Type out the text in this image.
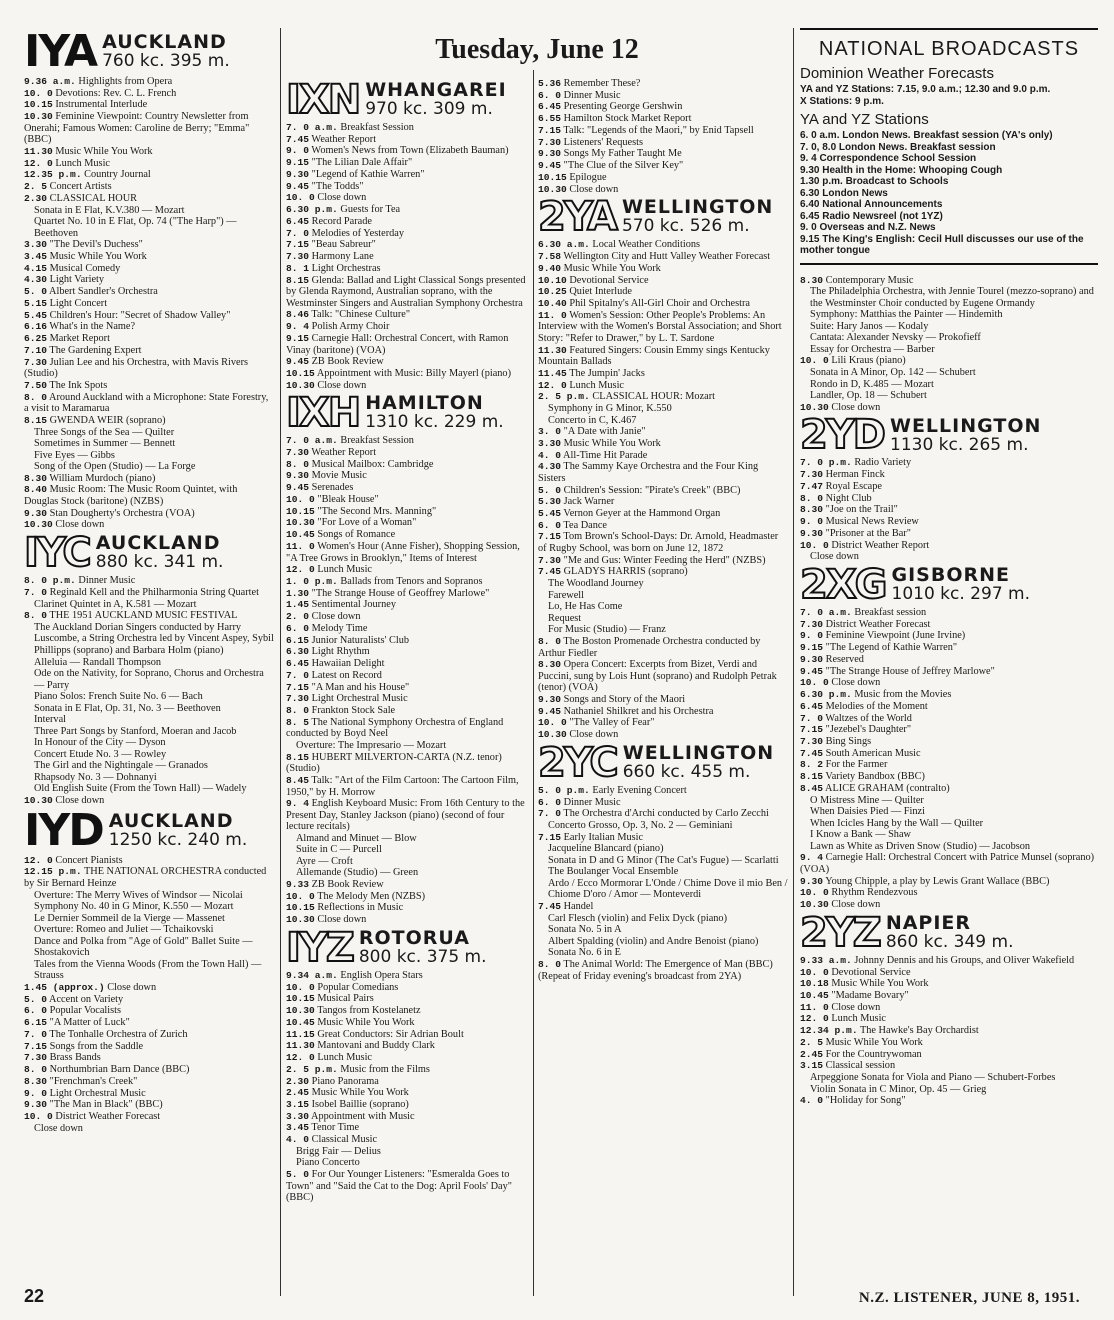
Tuesday, June 12
IYA AUCKLAND
760 kc. 395 m.
9.36 a.m. Highlights from Opera
10. 0 Devotions: Rev. C. L. French
10.15 Instrumental Interlude
10.30 Feminine Viewpoint: Country Newsletter from Onerahi; Famous Women: Caroline de Berry; "Emma" (BBC)
11.30 Music While You Work
12. 0 Lunch Music
12.35 p.m. Country Journal
2. 5 Concert Artists
2.30 CLASSICAL HOUR
Sonata in E Flat, K.V.380 — Mozart
Quartet No. 10 in E Flat, Op. 74 ("The Harp") — Beethoven
3.30 "The Devil's Duchess"
3.45 Music While You Work
4.15 Musical Comedy
4.30 Light Variety
5. 0 Albert Sandler's Orchestra
5.15 Light Concert
5.45 Children's Hour: "Secret of Shadow Valley"
6.16 What's in the Name?
6.25 Market Report
7.10 The Gardening Expert
7.30 Julian Lee and his Orchestra, with Mavis Rivers (Studio)
7.50 The Ink Spots
8. 0 Around Auckland with a Microphone: State Forestry, a visit to Maramarua
8.15 GWENDA WEIR (soprano)
Three Songs of the Sea — Quilter
Sometimes in Summer — Bennett
Five Eyes — Gibbs
Song of the Open (Studio) — La Forge
8.30 William Murdoch (piano)
8.40 Music Room: The Music Room Quintet, with Douglas Stock (baritone) (NZBS)
9.30 Stan Dougherty's Orchestra (VOA)
10.30 Close down
IYC AUCKLAND
880 kc. 341 m.
8. 0 p.m. Dinner Music
7. 0 Reginald Kell and the Philharmonia String Quartet
Clarinet Quintet in A, K.581 — Mozart
8. 0 THE 1951 AUCKLAND MUSIC FESTIVAL
The Auckland Dorian Singers conducted by Harry Luscombe, a String Orchestra led by Vincent Aspey, Sybil Phillipps (soprano) and Barbara Holm (piano)
Alleluia — Randall Thompson
Ode on the Nativity, for Soprano, Chorus and Orchestra — Parry
Piano Solos: French Suite No. 6 — Bach
Sonata in E Flat, Op. 31, No. 3 — Beethoven
Interval
Three Part Songs by Stanford, Moeran and Jacob
In Honour of the City — Dyson
Concert Etude No. 3 — Rowley
The Girl and the Nightingale — Granados
Rhapsody No. 3 — Dohnanyi
Old English Suite (From the Town Hall) — Wadely
10.30 Close down
IYD AUCKLAND
1250 kc. 240 m.
12. 0 Concert Pianists
12.15 p.m. THE NATIONAL ORCHESTRA conducted by Sir Bernard Heinze
Overture: The Merry Wives of Windsor — Nicolai
Symphony No. 40 in G Minor, K.550 — Mozart
Le Dernier Sommeil de la Vierge — Massenet
Overture: Romeo and Juliet — Tchaikovski
Dance and Polka from "Age of Gold" Ballet Suite — Shostakovich
Tales from the Vienna Woods (From the Town Hall) — Strauss
1.45 (approx.) Close down
5. 0 Accent on Variety
6. 0 Popular Vocalists
6.15 "A Matter of Luck"
7. 0 The Tonhalle Orchestra of Zurich
7.15 Songs from the Saddle
7.30 Brass Bands
8. 0 Northumbrian Barn Dance (BBC)
8.30 "Frenchman's Creek"
9. 0 Light Orchestral Music
9.30 "The Man in Black" (BBC)
10. 0 District Weather Forecast
Close down
IXN WHANGAREI
970 kc. 309 m.
7. 0 a.m. Breakfast Session
7.45 Weather Report
9. 0 Women's News from Town (Elizabeth Bauman)
9.15 "The Lilian Dale Affair"
9.30 "Legend of Kathie Warren"
9.45 "The Todds"
10. 0 Close down
6.30 p.m. Guests for Tea
6.45 Record Parade
7. 0 Melodies of Yesterday
7.15 "Beau Sabreur"
7.30 Harmony Lane
8. 1 Light Orchestras
8.15 Glenda: Ballad and Light Classical Songs presented by Glenda Raymond, Australian soprano, with the Westminster Singers and Australian Symphony Orchestra
8.46 Talk: "Chinese Culture"
9. 4 Polish Army Choir
9.15 Carnegie Hall: Orchestral Concert, with Ramon Vinay (baritone) (VOA)
9.45 ZB Book Review
10.15 Appointment with Music: Billy Mayerl (piano)
10.30 Close down
IXH HAMILTON
1310 kc. 229 m.
7. 0 a.m. Breakfast Session
7.30 Weather Report
8. 0 Musical Mailbox: Cambridge
9.30 Movie Music
9.45 Serenades
10. 0 "Bleak House"
10.15 "The Second Mrs. Manning"
10.30 "For Love of a Woman"
10.45 Songs of Romance
11. 0 Women's Hour (Anne Fisher), Shopping Session, "A Tree Grows in Brooklyn," Items of Interest
12. 0 Lunch Music
1. 0 p.m. Ballads from Tenors and Sopranos
1.30 "The Strange House of Geoffrey Marlowe"
1.45 Sentimental Journey
2. 0 Close down
6. 0 Melody Time
6.15 Junior Naturalists' Club
6.30 Light Rhythm
6.45 Hawaiian Delight
7. 0 Latest on Record
7.15 "A Man and his House"
7.30 Light Orchestral Music
8. 0 Frankton Stock Sale
8. 5 The National Symphony Orchestra of England conducted by Boyd Neel
Overture: The Impresario — Mozart
8.15 HUBERT MILVERTON-CARTA (N.Z. tenor) (Studio)
8.45 Talk: "Art of the Film Cartoon: The Cartoon Film, 1950," by H. Morrow
9. 4 English Keyboard Music: From 16th Century to the Present Day, Stanley Jackson (piano) (second of four lecture recitals)
Almand and Minuet — Blow
Suite in C — Purcell
Ayre — Croft
Allemande (Studio) — Green
9.33 ZB Book Review
10. 0 The Melody Men (NZBS)
10.15 Reflections in Music
10.30 Close down
IYZ ROTORUA
800 kc. 375 m.
9.34 a.m. English Opera Stars
10. 0 Popular Comedians
10.15 Musical Pairs
10.30 Tangos from Kostelanetz
10.45 Music While You Work
11.15 Great Conductors: Sir Adrian Boult
11.30 Mantovani and Buddy Clark
12. 0 Lunch Music
2. 5 p.m. Music from the Films
2.30 Piano Panorama
2.45 Music While You Work
3.15 Isobel Baillie (soprano)
3.30 Appointment with Music
3.45 Tenor Time
4. 0 Classical Music
Brigg Fair — Delius
Piano Concerto
5. 0 For Our Younger Listeners: "Esmeralda Goes to Town" and "Said the Cat to the Dog: April Fools' Day" (BBC)
5.36 Remember These?
6. 0 Dinner Music
6.45 Presenting George Gershwin
6.55 Hamilton Stock Market Report
7.15 Talk: "Legends of the Maori," by Enid Tapsell
7.30 Listeners' Requests
9.30 Songs My Father Taught Me
9.45 "The Clue of the Silver Key"
10.15 Epilogue
10.30 Close down
2YA WELLINGTON
570 kc. 526 m.
6.30 a.m. Local Weather Conditions
7.58 Wellington City and Hutt Valley Weather Forecast
9.40 Music While You Work
10.10 Devotional Service
10.25 Quiet Interlude
10.40 Phil Spitalny's All-Girl Choir and Orchestra
11. 0 Women's Session: Other People's Problems: An Interview with the Women's Borstal Association; and Short Story: "Refer to Drawer," by L. T. Sardone
11.30 Featured Singers: Cousin Emmy sings Kentucky Mountain Ballads
11.45 The Jumpin' Jacks
12. 0 Lunch Music
2. 5 p.m. CLASSICAL HOUR: Mozart
Symphony in G Minor, K.550
Concerto in C, K.467
3. 0 "A Date with Janie"
3.30 Music While You Work
4. 0 All-Time Hit Parade
4.30 The Sammy Kaye Orchestra and the Four King Sisters
5. 0 Children's Session: "Pirate's Creek" (BBC)
5.30 Jack Warner
5.45 Vernon Geyer at the Hammond Organ
6. 0 Tea Dance
7.15 Tom Brown's School-Days: Dr. Arnold, Headmaster of Rugby School, was born on June 12, 1872
7.30 "Me and Gus: Winter Feeding the Herd" (NZBS)
7.45 GLADYS HARRIS (soprano)
The Woodland Journey
Farewell
Lo, He Has Come
Request
For Music (Studio) — Franz
8. 0 The Boston Promenade Orchestra conducted by Arthur Fiedler
8.30 Opera Concert: Excerpts from Bizet, Verdi and Puccini, sung by Lois Hunt (soprano) and Rudolph Petrak (tenor) (VOA)
9.30 Songs and Story of the Maori
9.45 Nathaniel Shilkret and his Orchestra
10. 0 "The Valley of Fear"
10.30 Close down
2YC WELLINGTON
660 kc. 455 m.
5. 0 p.m. Early Evening Concert
6. 0 Dinner Music
7. 0 The Orchestra d'Archi conducted by Carlo Zecchi
Concerto Grosso, Op. 3, No. 2 — Geminiani
7.15 Early Italian Music
Jacqueline Blancard (piano)
Sonata in D and G Minor (The Cat's Fugue) — Scarlatti
The Boulanger Vocal Ensemble
Ardo / Ecco Mormorar L'Onde / Chime Dove il mio Ben / Chiome D'oro / Amor — Monteverdi
7.45 Handel
Carl Flesch (violin) and Felix Dyck (piano)
Sonata No. 5 in A
Albert Spalding (violin) and Andre Benoist (piano)
Sonata No. 6 in E
8. 0 The Animal World: The Emergence of Man (BBC) (Repeat of Friday evening's broadcast from 2YA)
NATIONAL BROADCASTS
Dominion Weather Forecasts
YA and YZ Stations: 7.15, 9.0 a.m.; 12.30 and 9.0 p.m.
X Stations: 9 p.m.
YA and YZ Stations
6. 0 a.m. London News. Breakfast session (YA's only)
7. 0, 8.0 London News. Breakfast session
9. 4 Correspondence School Session
9.30 Health in the Home: Whooping Cough
1.30 p.m. Broadcast to Schools
6.30 London News
6.40 National Announcements
6.45 Radio Newsreel (not 1YZ)
9. 0 Overseas and N.Z. News
9.15 The King's English: Cecil Hull discusses our use of the mother tongue
8.30 Contemporary Music
The Philadelphia Orchestra, with Jennie Tourel (mezzo-soprano) and the Westminster Choir conducted by Eugene Ormandy
Symphony: Matthias the Painter — Hindemith
Suite: Hary Janos — Kodaly
Cantata: Alexander Nevsky — Prokofieff
Essay for Orchestra — Barber
10. 0 Lili Kraus (piano)
Sonata in A Minor, Op. 142 — Schubert
Rondo in D, K.485 — Mozart
Landler, Op. 18 — Schubert
10.30 Close down
2YD WELLINGTON
1130 kc. 265 m.
7. 0 p.m. Radio Variety
7.30 Herman Finck
7.47 Royal Escape
8. 0 Night Club
8.30 "Joe on the Trail"
9. 0 Musical News Review
9.30 "Prisoner at the Bar"
10. 0 District Weather Report
Close down
2XG GISBORNE
1010 kc. 297 m.
7. 0 a.m. Breakfast session
7.30 District Weather Forecast
9. 0 Feminine Viewpoint (June Irvine)
9.15 "The Legend of Kathie Warren"
9.30 Reserved
9.45 "The Strange House of Jeffrey Marlowe"
10. 0 Close down
6.30 p.m. Music from the Movies
6.45 Melodies of the Moment
7. 0 Waltzes of the World
7.15 "Jezebel's Daughter"
7.30 Bing Sings
7.45 South American Music
8. 2 For the Farmer
8.15 Variety Bandbox (BBC)
8.45 ALICE GRAHAM (contralto)
O Mistress Mine — Quilter
When Daisies Pied — Finzi
When Icicles Hang by the Wall — Quilter
I Know a Bank — Shaw
Lawn as White as Driven Snow (Studio) — Jacobson
9. 4 Carnegie Hall: Orchestral Concert with Patrice Munsel (soprano) (VOA)
9.30 Young Chipple, a play by Lewis Grant Wallace (BBC)
10. 0 Rhythm Rendezvous
10.30 Close down
2YZ NAPIER
860 kc. 349 m.
9.33 a.m. Johnny Dennis and his Groups, and Oliver Wakefield
10. 0 Devotional Service
10.18 Music While You Work
10.45 "Madame Bovary"
11. 0 Close down
12. 0 Lunch Music
12.34 p.m. The Hawke's Bay Orchardist
2. 5 Music While You Work
2.45 For the Countrywoman
3.15 Classical session
Arpeggione Sonata for Viola and Piano — Schubert-Forbes
Violin Sonata in C Minor, Op. 45 — Grieg
4. 0 "Holiday for Song"
22	N.Z. LISTENER, JUNE 8, 1951.
